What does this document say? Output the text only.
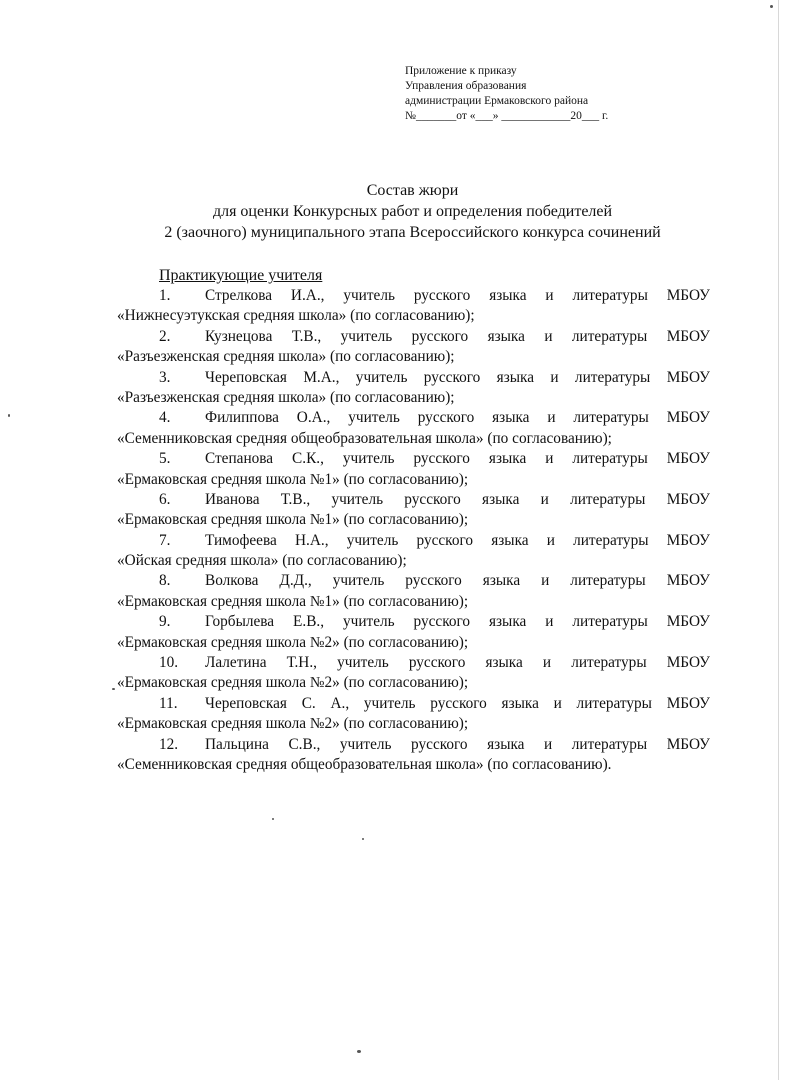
Приложение к приказу
Управления образования
администрации Ермаковского района
№_______от «___» ____________20___ г.
Состав жюри
для оценки Конкурсных работ и определения победителей
2 (заочного) муниципального этапа Всероссийского конкурса сочинений
Практикующие учителя
1.	Стрелкова И.А., учитель русского языка и литературы МБОУ
«Нижнесуэтукская средняя школа» (по согласованию);
2.	Кузнецова Т.В., учитель русского языка и литературы МБОУ
«Разъезженская средняя школа» (по согласованию);
3.	Череповская М.А., учитель русского языка и литературы МБОУ
«Разъезженская средняя школа» (по согласованию);
4.	Филиппова О.А., учитель русского языка и литературы МБОУ
«Семенниковская средняя общеобразовательная школа» (по согласованию);
5.	Степанова С.К., учитель русского языка и литературы МБОУ
«Ермаковская средняя школа №1» (по согласованию);
6.	Иванова Т.В., учитель русского языка и литературы МБОУ
«Ермаковская средняя школа №1» (по согласованию);
7.	Тимофеева Н.А., учитель русского языка и литературы МБОУ
«Ойская средняя школа» (по согласованию);
8.	Волкова Д.Д., учитель русского языка и литературы МБОУ
«Ермаковская средняя школа №1» (по согласованию);
9.	Горбылева Е.В., учитель русского языка и литературы МБОУ
«Ермаковская средняя школа №2» (по согласованию);
10.	Лалетина Т.Н., учитель русского языка и литературы МБОУ
«Ермаковская средняя школа №2» (по согласованию);
11.	Череповская С. А., учитель русского языка и литературы МБОУ
«Ермаковская средняя школа №2» (по согласованию);
12.	Пальцина С.В., учитель русского языка и литературы МБОУ
«Семенниковская средняя общеобразовательная школа» (по согласованию).
